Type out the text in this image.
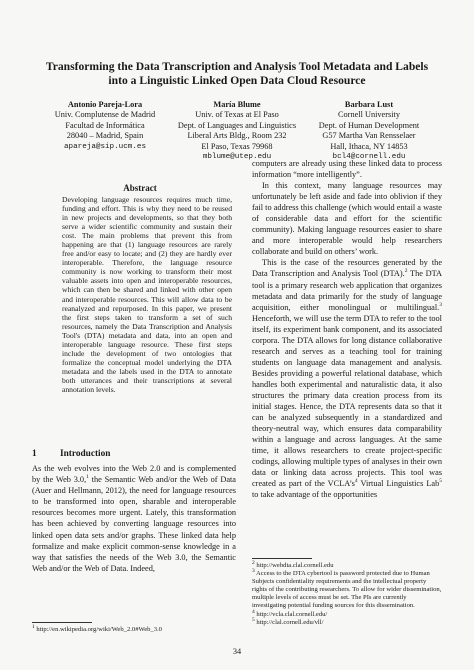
Transforming the Data Transcription and Analysis Tool Metadata and Labels into a Linguistic Linked Open Data Cloud Resource
Antonio Pareja-Lora
Univ. Complutense de Madrid
Facultad de Informática
28040 – Madrid, Spain
apareja@sip.ucm.es
María Blume
Univ. of Texas at El Paso
Dept. of Languages and Linguistics
Liberal Arts Bldg., Room 232
El Paso, Texas 79968
mblume@utep.edu
Barbara Lust
Cornell University
Dept. of Human Development
G57 Martha Van Rensselaer
Hall, Ithaca, NY 14853
bcl4@cornell.edu
Abstract

Developing language resources requires much time, funding and effort. This is why they need to be reused in new projects and developments, so that they both serve a wider scientific community and sustain their cost. The main problems that prevent this from happening are that (1) language resources are rarely free and/or easy to locate; and (2) they are hardly ever interoperable. Therefore, the language resource community is now working to transform their most valuable assets into open and interoperable resources, which can then be shared and linked with other open and interoperable resources. This will allow data to be reanalyzed and repurposed. In this paper, we present the first steps taken to transform a set of such resources, namely the Data Transcription and Analysis Tool's (DTA) metadata and data, into an open and interoperable language resource. These first steps include the development of two ontologies that formalize the conceptual model underlying the DTA metadata and the labels used in the DTA to annotate both utterances and their transcriptions at several annotation levels.

1	Introduction

As the web evolves into the Web 2.0 and is complemented by the Web 3.0,$^1$ the Semantic Web and/or the Web of Data (Auer and Hellmann, 2012), the need for language resources to be transformed into open, sharable and interoperable resources becomes more urgent. Lately, this transformation has been achieved by converting language resources into linked open data sets and/or graphs. These linked data help formalize and make explicit common-sense knowledge in a way that satisfies the needs of the Web 3.0, the Semantic Web and/or the Web of Data. Indeed,

computers are already using these linked data to process information “more intelligently”.

In this context, many language resources may unfortunately be left aside and fade into oblivion if they fail to address this challenge (which would entail a waste of considerable data and effort for the scientific community). Making language resources easier to share and more interoperable would help researchers collaborate and build on others’ work.

This is the case of the resources generated by the Data Transcription and Analysis Tool (DTA).$^2$ The DTA tool is a primary research web application that organizes metadata and data primarily for the study of language acquisition, either monolingual or multilingual.$^3$ Henceforth, we will use the term DTA to refer to the tool itself, its experiment bank component, and its associated corpora. The DTA allows for long distance collaborative research and serves as a teaching tool for training students on language data management and analysis. Besides providing a powerful relational database, which handles both experimental and naturalistic data, it also structures the primary data creation process from its initial stages. Hence, the DTA represents data so that it can be analyzed subsequently in a standardized and theory-neutral way, which ensures data comparability within a language and across languages. At the same time, it allows researchers to create project-specific codings, allowing multiple types of analyses in their own data or linking data across projects. This tool was created as part of the $VCLA’s^4$ Virtual Linguistics Lab$^5$ to take advantage of the opportunities

$^2$ http://webdta.clal.cornell.edu

$^3$ Access to the DTA cybertool is password protected due to Human Subjects confidentiality requirements and the intellectual property rights of the contributing researchers. To allow for wider dissemination, multiple levels of access must be set. The PIs are currently investigating potential funding sources for this dissemination.

$^4$ http://vcla.clal.cornell.edu/

$^5$ http://clal.cornell.edu/vll/

$^1$ http://en.wikipedia.org/wiki/Web_2.0#Web_3.0

34
